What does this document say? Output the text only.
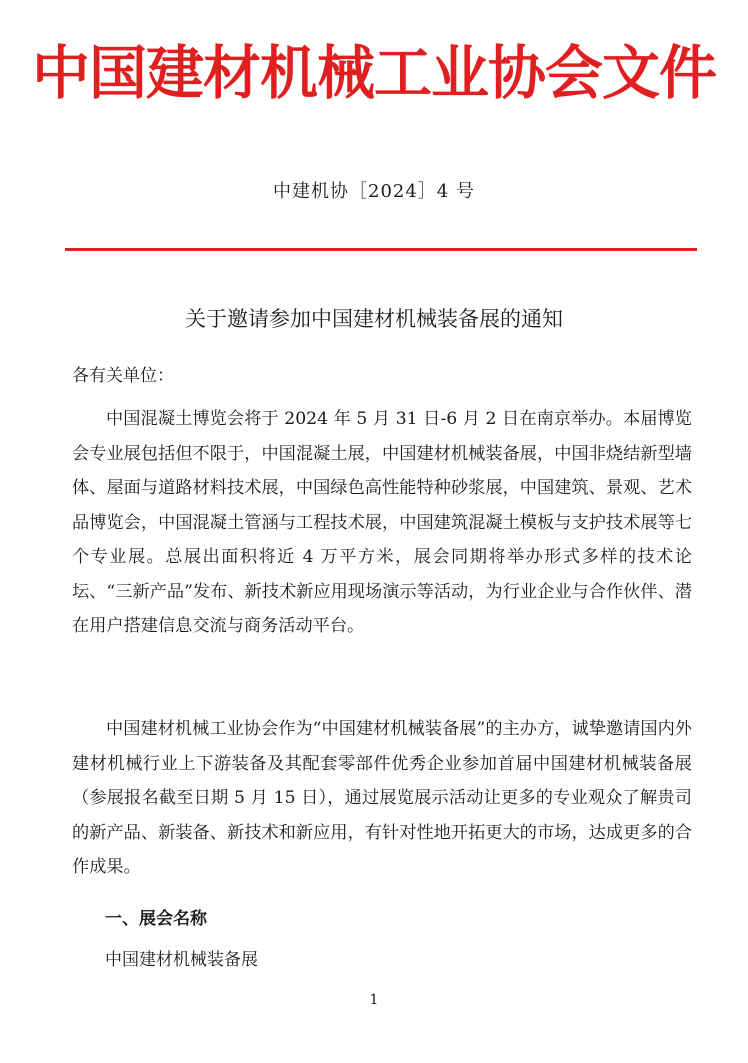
中国建材机械工业协会文件
中建机协［2024］4 号
关于邀请参加中国建材机械装备展的通知
各有关单位：

中国混凝土博览会将于 2024 年 5 月 31 日-6 月 2 日在南京举办。本届博览会专业展包括但不限于，中国混凝土展，中国建材机械装备展，中国非烧结新型墙体、屋面与道路材料技术展，中国绿色高性能特种砂浆展，中国建筑、景观、艺术品博览会，中国混凝土管涵与工程技术展，中国建筑混凝土模板与支护技术展等七个专业展。总展出面积将近 4 万平方米，展会同期将举办形式多样的技术论坛、“三新产品”发布、新技术新应用现场演示等活动，为行业企业与合作伙伴、潜在用户搭建信息交流与商务活动平台。

中国建材机械工业协会作为“中国建材机械装备展”的主办方，诚挚邀请国内外建材机械行业上下游装备及其配套零部件优秀企业参加首届中国建材机械装备展（参展报名截至日期 5 月 15 日），通过展览展示活动让更多的专业观众了解贵司的新产品、新装备、新技术和新应用，有针对性地开拓更大的市场，达成更多的合作成果。

一、展会名称
中国建材机械装备展
1
